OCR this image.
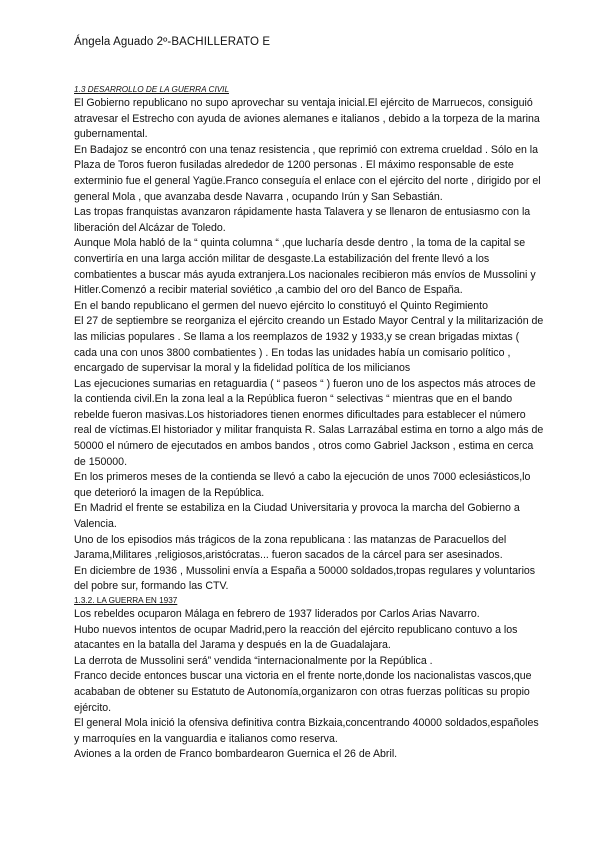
Ángela Aguado 2º-BACHILLERATO E
1.3 DESARROLLO DE LA GUERRA CIVIL

El Gobierno republicano no supo aprovechar su ventaja inicial.El ejército de Marruecos, consiguió atravesar el Estrecho con ayuda de aviones alemanes e italianos , debido a la torpeza de la marina gubernamental.

En Badajoz se encontró con una tenaz resistencia , que reprimió con extrema crueldad . Sólo en la Plaza de Toros fueron fusiladas alrededor de 1200 personas . El máximo responsable de este exterminio fue el general Yagüe.Franco conseguía el enlace con el ejército del norte , dirigido por el general Mola , que avanzaba desde Navarra , ocupando Irún y San Sebastián.

Las tropas franquistas avanzaron rápidamente hasta Talavera y se llenaron de entusiasmo con la liberación del Alcázar de Toledo.

Aunque Mola habló de la “ quinta columna “ ,que lucharía desde dentro , la toma de la capital se convertiría en una larga acción militar de desgaste.La estabilización del frente llevó a los combatientes a buscar más ayuda extranjera.Los nacionales recibieron más envíos de Mussolini y Hitler.Comenzó a recibir material soviético ,a cambio del oro del Banco de España.

En el bando republicano el germen del nuevo ejército lo constituyó el Quinto Regimiento

El 27 de septiembre se reorganiza el ejército creando un Estado Mayor Central y la militarización de las milicias populares . Se llama a los reemplazos de 1932 y 1933,y se crean brigadas mixtas ( cada una con unos 3800 combatientes ) . En todas las unidades había un comisario político , encargado de supervisar la moral y la fidelidad política de los milicianos

Las ejecuciones sumarias en retaguardia ( “ paseos “ ) fueron uno de los aspectos más atroces de la contienda civil.En la zona leal a la República fueron “ selectivas “ mientras que en el bando rebelde fueron masivas.Los historiadores tienen enormes dificultades para establecer el número real de víctimas.El historiador y militar franquista R. Salas Larrazábal estima en torno a algo más de 50000 el número de ejecutados en ambos bandos , otros como Gabriel Jackson , estima en cerca de 150000.

En los primeros meses de la contienda se llevó a cabo la ejecución de unos 7000 eclesiásticos,lo que deterioró la imagen de la República.

En Madrid el frente se estabiliza en la Ciudad Universitaria y provoca la marcha del Gobierno a Valencia.

Uno de los episodios más trágicos de la zona republicana : las matanzas de Paracuellos del Jarama,Militares ,religiosos,aristócratas... fueron sacados de la cárcel para ser asesinados.

En diciembre de 1936 , Mussolini envía a España a 50000 soldados,tropas regulares y voluntarios del pobre sur, formando las CTV.

1.3.2. LA GUERRA EN 1937

Los rebeldes ocuparon Málaga en febrero de 1937 liderados por Carlos Arias Navarro.

Hubo nuevos intentos de ocupar Madrid,pero la reacción del ejército republicano contuvo a los atacantes en la batalla del Jarama y después en la de Guadalajara.

La derrota de Mussolini será” vendida “internacionalmente por la República .

Franco decide entonces buscar una victoria en el frente norte,donde los nacionalistas vascos,que acababan de obtener su Estatuto de Autonomía,organizaron con otras fuerzas políticas su propio ejército.

El general Mola inició la ofensiva definitiva contra Bizkaia,concentrando 40000 soldados,españoles y marroquíes en la vanguardia e italianos como reserva.

Aviones a la orden de Franco bombardearon Guernica el 26 de Abril.
